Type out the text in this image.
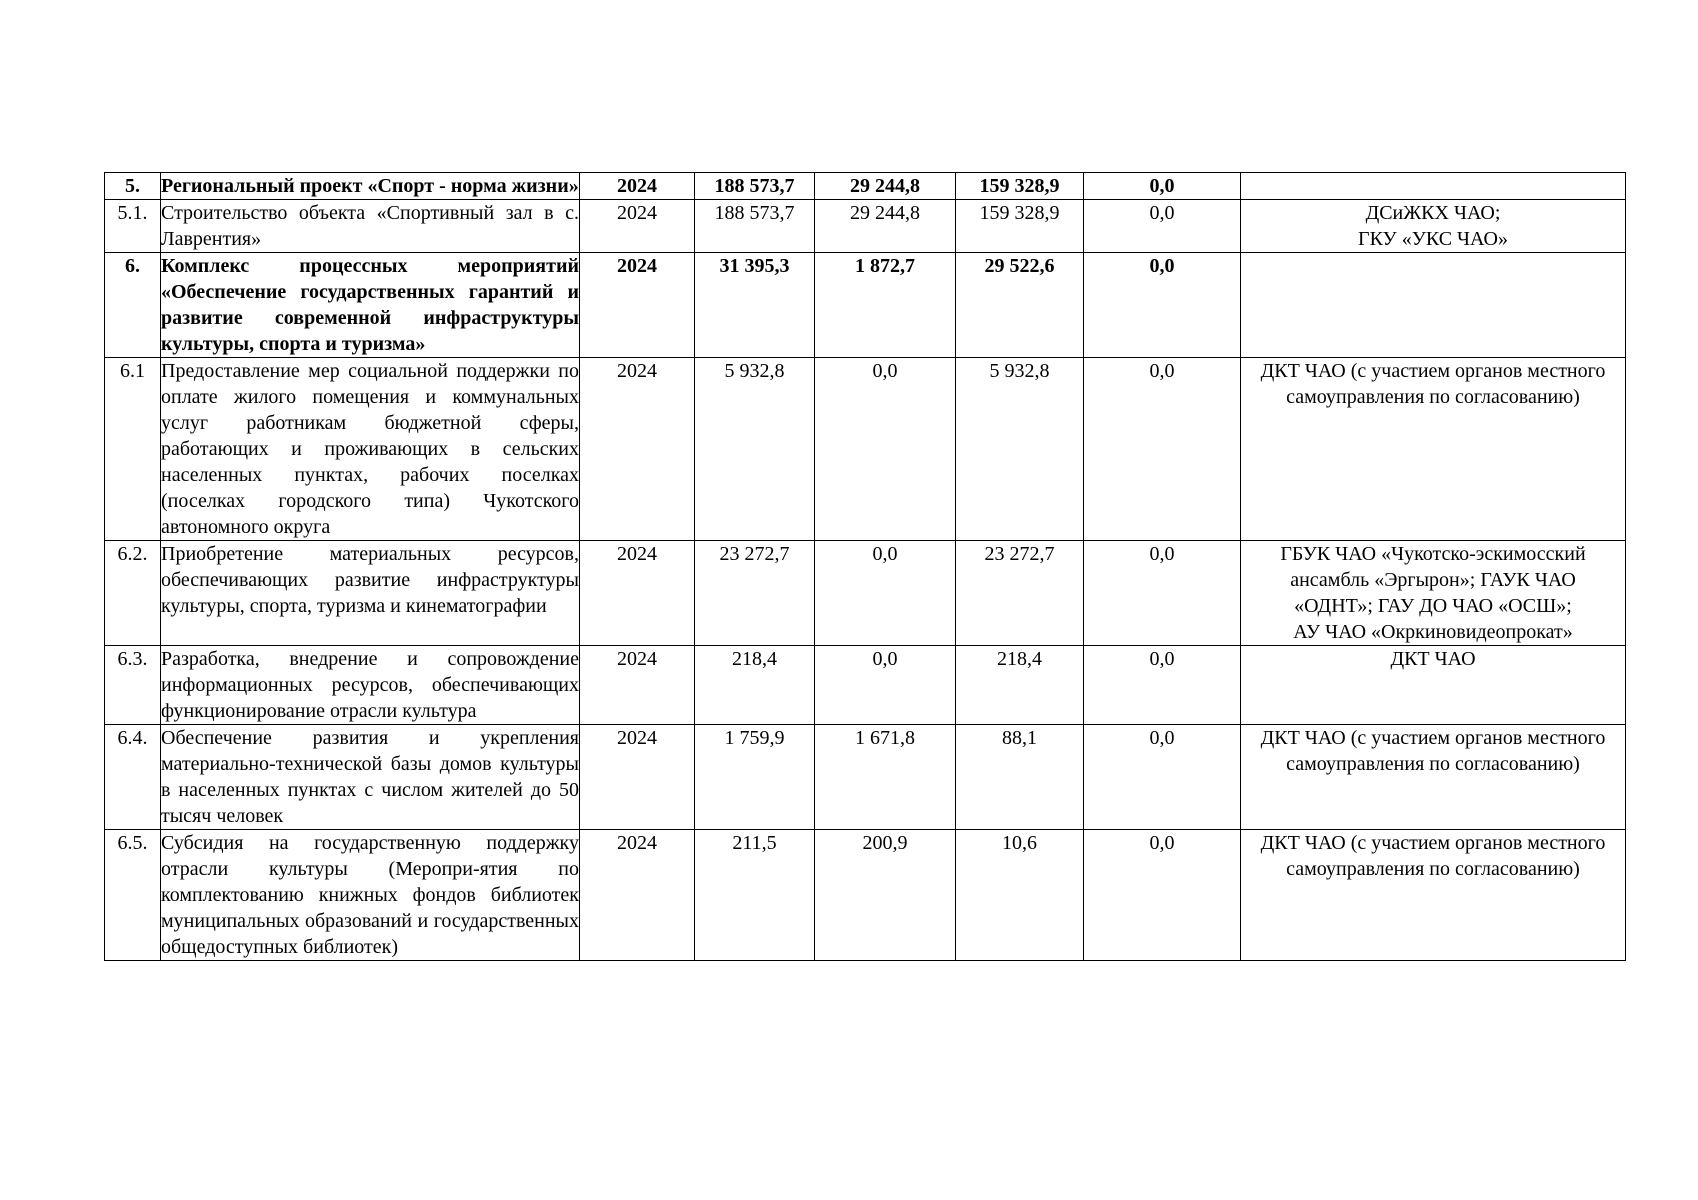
5.	Региональный проект «Спорт - норма жизни»	2024	188 573,7	29 244,8	159 328,9	0,0	
5.1.	Строительство объекта «Спортивный зал в с. Лаврентия»	2024	188 573,7	29 244,8	159 328,9	0,0	ДСиЖКХ ЧАО;
ГКУ «УКС ЧАО»

6.	Комплекс процессных мероприятий «Обеспечение государственных гарантий и развитие современной инфраструктуры культуры, спорта и туризма»	2024	31 395,3	1 872,7	29 522,6	0,0	
6.1	Предоставление мер социальной поддержки по оплате жилого помещения и коммунальных услуг работникам бюджетной сферы, работающих и проживающих в сельских населенных пунктах, рабочих поселках (поселках городского типа) Чукотского автономного округа	2024	5 932,8	0,0	5 932,8	0,0	ДКТ ЧАО (с участием органов местного
самоуправления по согласованию)

6.2.	Приобретение материальных ресурсов, обеспечивающих развитие инфраструктуры культуры, спорта, туризма и кинематографии	2024	23 272,7	0,0	23 272,7	0,0	ГБУК ЧАО «Чукотско-эскимосский
ансамбль «Эргырон»; ГАУК ЧАО
«ОДНТ»; ГАУ ДО ЧАО «ОСШ»;
АУ ЧАО «Окркиновидеопрокат»

6.3.	Разработка, внедрение и сопровождение информационных ресурсов, обеспечивающих функционирование отрасли культура	2024	218,4	0,0	218,4	0,0	ДКТ ЧАО

6.4.	Обеспечение развития и укрепления материально-технической базы домов культуры в населенных пунктах с числом жителей до 50 тысяч человек	2024	1 759,9	1 671,8	88,1	0,0	ДКТ ЧАО (с участием органов местного
самоуправления по согласованию)

6.5.	Субсидия на государственную поддержку отрасли культуры (Меропри-ятия по комплектованию книжных фондов библиотек муниципальных образований и государственных общедоступных библиотек)	2024	211,5	200,9	10,6	0,0	ДКТ ЧАО (с участием органов местного
самоуправления по согласованию)
